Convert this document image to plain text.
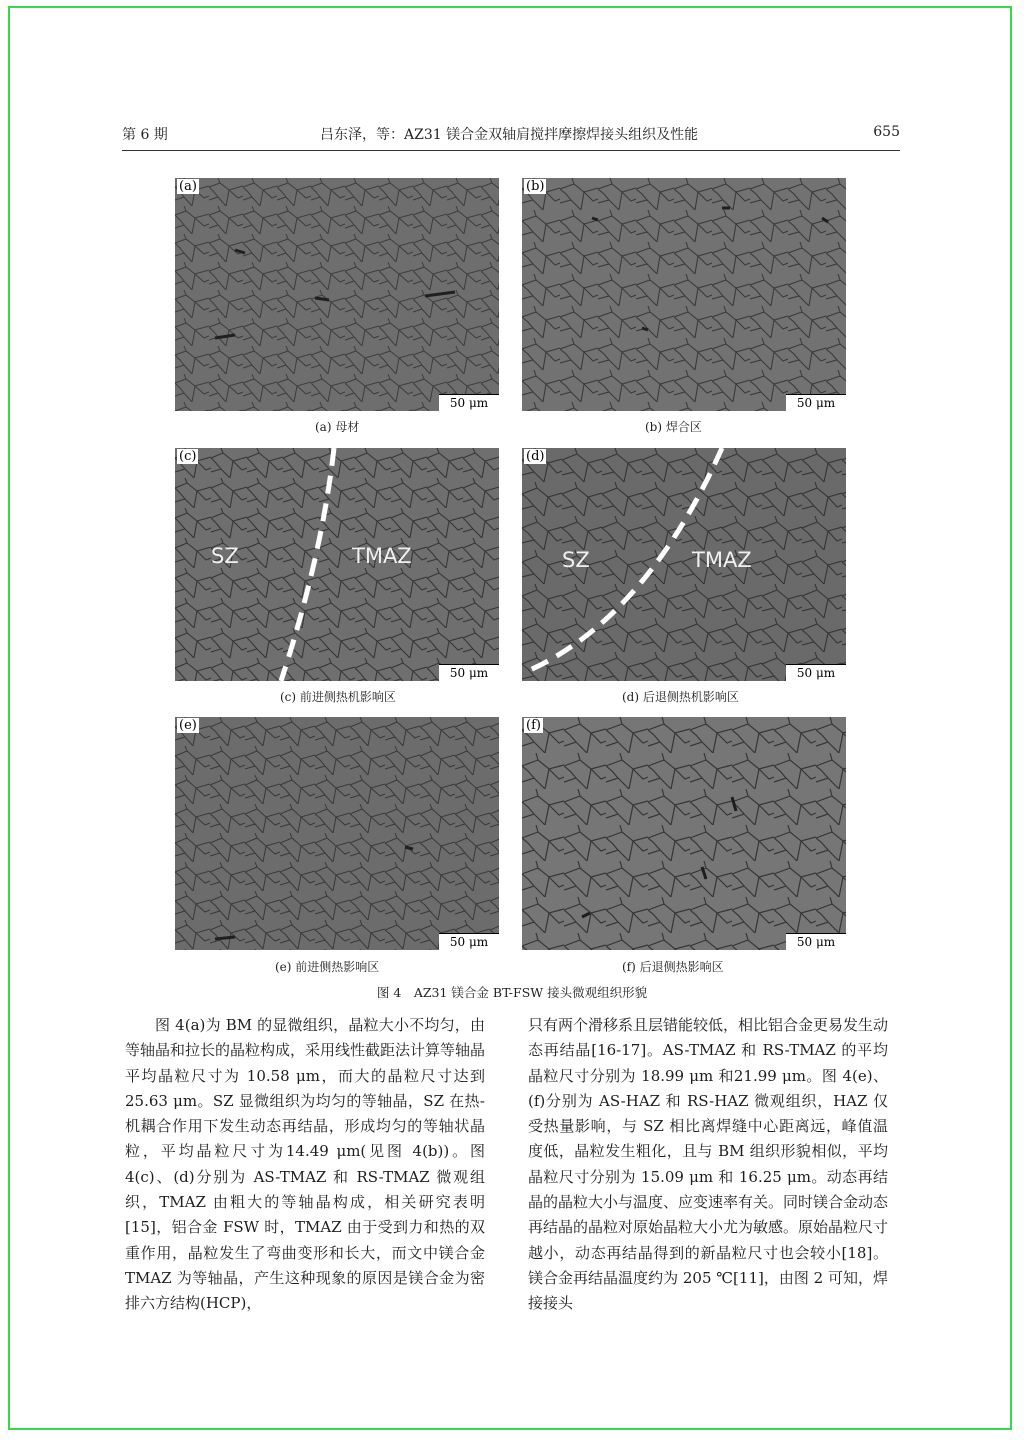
第 6 期	吕东泽，等：AZ31 镁合金双轴肩搅拌摩擦焊接头组织及性能	655
(a)
50 μm
(a) 母材
(b)
50 μm
(b) 焊合区
(c)
SZ	TMAZ
50 μm
(c) 前进侧热机影响区
(d)
SZ	TMAZ
50 μm
(d) 后退侧热机影响区
(e)
50 μm
(e) 前进侧热影响区
(f)
50 μm
(f) 后退侧热影响区
图 4　AZ31 镁合金 BT-FSW 接头微观组织形貌

图 4(a)为 BM 的显微组织，晶粒大小不均匀，由等轴晶和拉长的晶粒构成，采用线性截距法计算等轴晶平均晶粒尺寸为 10.58 μm，而大的晶粒尺寸达到 25.63 μm。SZ 显微组织为均匀的等轴晶，SZ 在热-机耦合作用下发生动态再结晶，形成均匀的等轴状晶粒，平均晶粒尺寸为14.49 μm(见图 4(b))。图 4(c)、(d)分别为 AS-TMAZ 和 RS-TMAZ 微观组织，TMAZ 由粗大的等轴晶构成，相关研究表明[15]，铝合金 FSW 时，TMAZ 由于受到力和热的双重作用，晶粒发生了弯曲变形和长大，而文中镁合金 TMAZ 为等轴晶，产生这种现象的原因是镁合金为密排六方结构(HCP)，

只有两个滑移系且层错能较低，相比铝合金更易发生动态再结晶[16-17]。AS-TMAZ 和 RS-TMAZ 的平均晶粒尺寸分别为 18.99 μm 和21.99 μm。图 4(e)、(f)分别为 AS-HAZ 和 RS-HAZ 微观组织，HAZ 仅受热量影响，与 SZ 相比离焊缝中心距离远，峰值温度低，晶粒发生粗化，且与 BM 组织形貌相似，平均晶粒尺寸分别为 15.09 μm 和 16.25 μm。动态再结晶的晶粒大小与温度、应变速率有关。同时镁合金动态再结晶的晶粒对原始晶粒大小尤为敏感。原始晶粒尺寸越小，动态再结晶得到的新晶粒尺寸也会较小[18]。镁合金再结晶温度约为 205 ℃[11]，由图 2 可知，焊接接头
